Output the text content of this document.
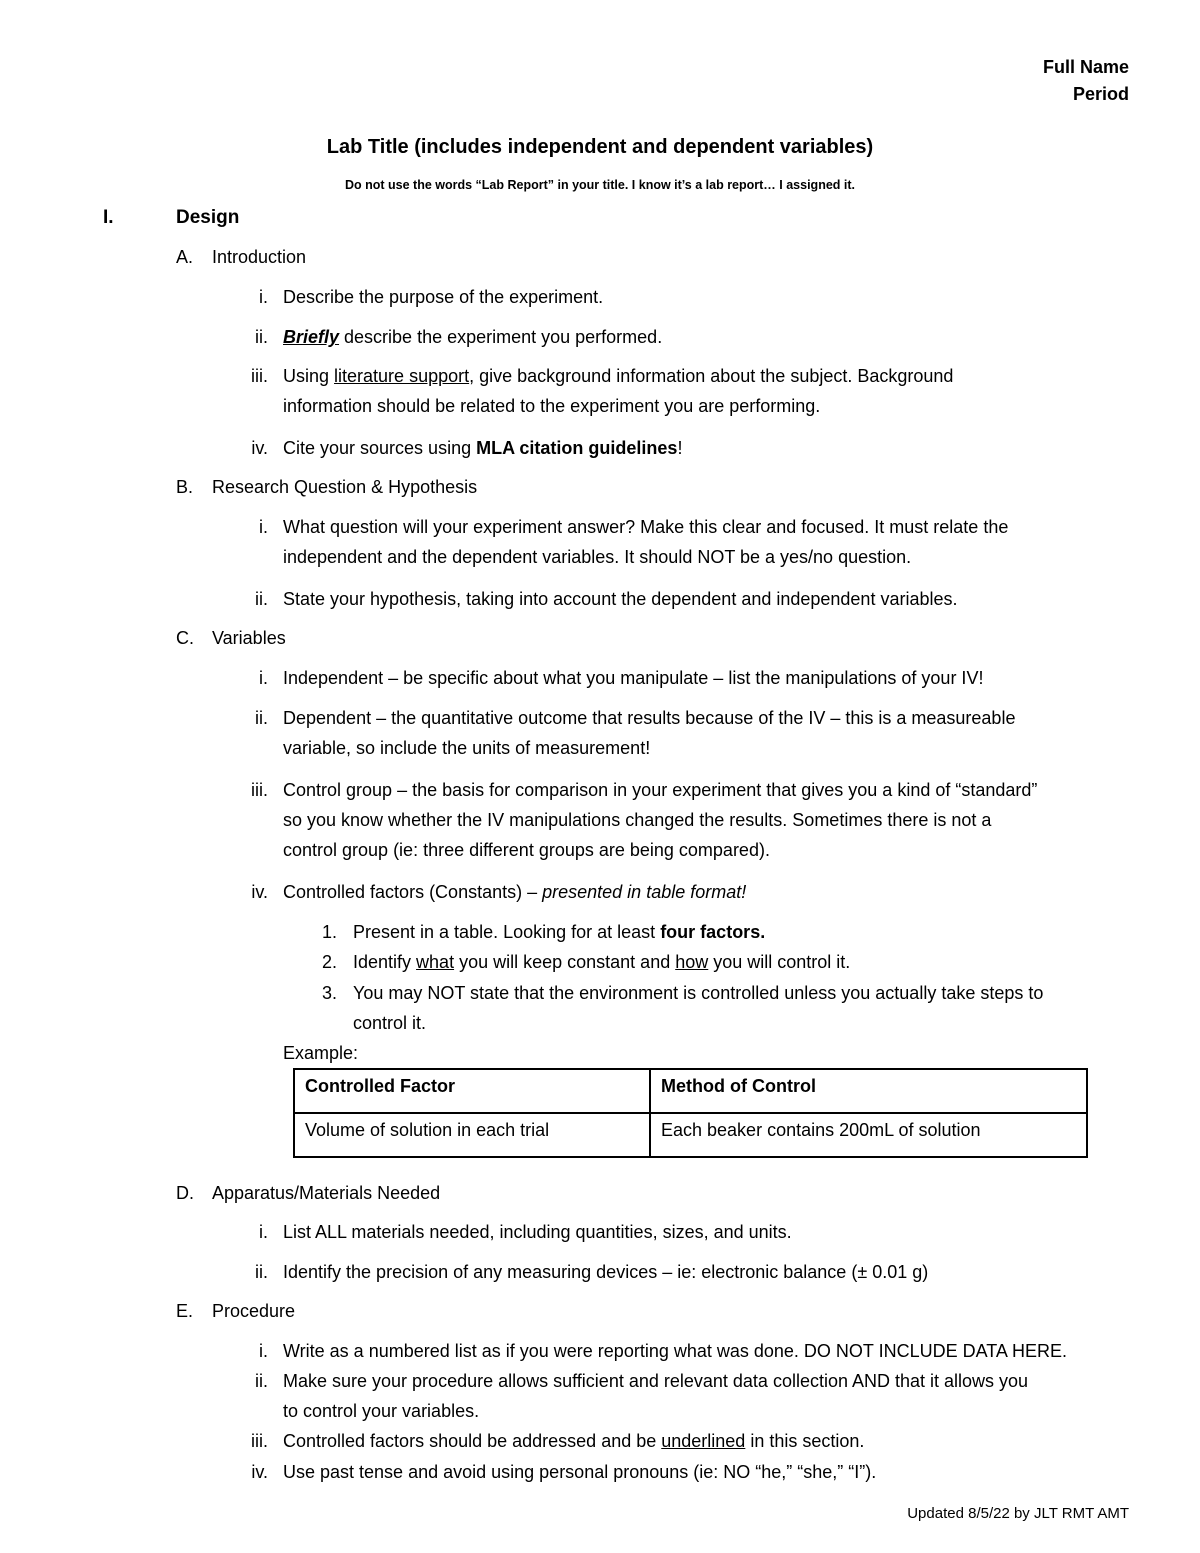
Full Name
Period
Lab Title (includes independent and dependent variables)
Do not use the words “Lab Report” in your title. I know it’s a lab report… I assigned it.
I.	Design
A. Introduction
i. Describe the purpose of the experiment.
ii. Briefly describe the experiment you performed.
iii. Using literature support, give background information about the subject. Background
information should be related to the experiment you are performing.
iv. Cite your sources using MLA citation guidelines!
B. Research Question & Hypothesis
i. What question will your experiment answer? Make this clear and focused. It must relate the
independent and the dependent variables. It should NOT be a yes/no question.
ii. State your hypothesis, taking into account the dependent and independent variables.
C. Variables
i. Independent – be specific about what you manipulate – list the manipulations of your IV!
ii. Dependent – the quantitative outcome that results because of the IV – this is a measureable
variable, so include the units of measurement!
iii. Control group – the basis for comparison in your experiment that gives you a kind of “standard”
so you know whether the IV manipulations changed the results. Sometimes there is not a
control group (ie: three different groups are being compared).
iv. Controlled factors (Constants) – presented in table format!
1. Present in a table. Looking for at least four factors.
2. Identify what you will keep constant and how you will control it.
3. You may NOT state that the environment is controlled unless you actually take steps to
control it.
Example:
Controlled Factor	Method of Control
Volume of solution in each trial	Each beaker contains 200mL of solution
D. Apparatus/Materials Needed
i. List ALL materials needed, including quantities, sizes, and units.
ii. Identify the precision of any measuring devices – ie: electronic balance (± 0.01 g)
E. Procedure
i. Write as a numbered list as if you were reporting what was done. DO NOT INCLUDE DATA HERE.
ii. Make sure your procedure allows sufficient and relevant data collection AND that it allows you
to control your variables.
iii. Controlled factors should be addressed and be underlined in this section.
iv. Use past tense and avoid using personal pronouns (ie: NO “he,” “she,” “I”).
Updated 8/5/22 by JLT RMT AMT
